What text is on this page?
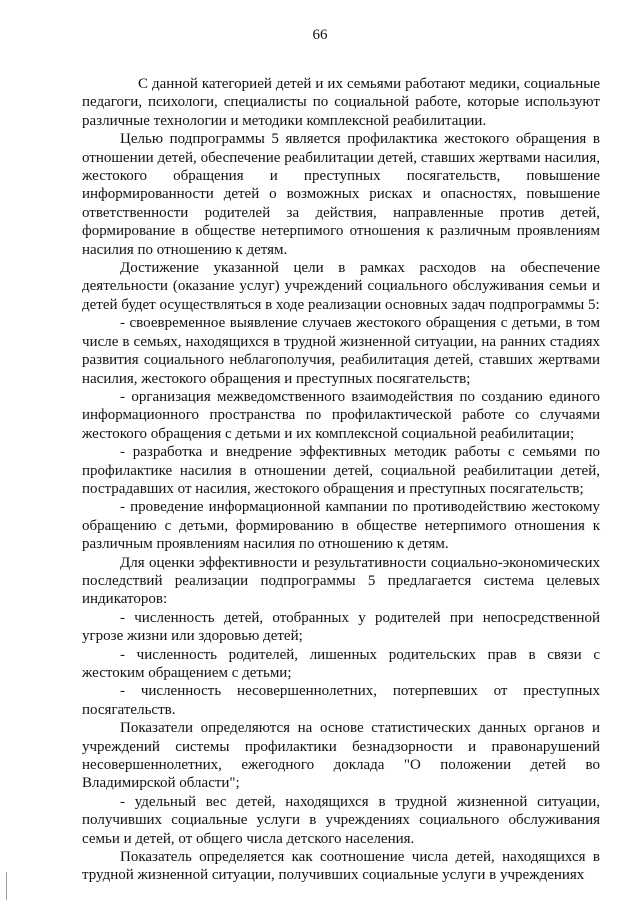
66

С данной категорией детей и их семьями работают медики, социальные педагоги, психологи, специалисты по социальной работе, которые используют различные технологии и методики комплексной реабилитации.

Целью подпрограммы 5 является профилактика жестокого обращения в отношении детей, обеспечение реабилитации детей, ставших жертвами насилия, жестокого обращения и преступных посягательств, повышение информированности детей о возможных рисках и опасностях, повышение ответственности родителей за действия, направленные против детей, формирование в обществе нетерпимого отношения к различным проявлениям насилия по отношению к детям.

Достижение указанной цели в рамках расходов на обеспечение деятельности (оказание услуг) учреждений социального обслуживания семьи и детей будет осуществляться в ходе реализации основных задач подпрограммы 5:

- своевременное выявление случаев жестокого обращения с детьми, в том числе в семьях, находящихся в трудной жизненной ситуации, на ранних стадиях развития социального неблагополучия, реабилитация детей, ставших жертвами насилия, жестокого обращения и преступных посягательств;

- организация межведомственного взаимодействия по созданию единого информационного пространства по профилактической работе со случаями жестокого обращения с детьми и их комплексной социальной реабилитации;

- разработка и внедрение эффективных методик работы с семьями по профилактике насилия в отношении детей, социальной реабилитации детей, пострадавших от насилия, жестокого обращения и преступных посягательств;

- проведение информационной кампании по противодействию жестокому обращению с детьми, формированию в обществе нетерпимого отношения к различным проявлениям насилия по отношению к детям.

Для оценки эффективности и результативности социально-экономических последствий реализации подпрограммы 5 предлагается система целевых индикаторов:

- численность детей, отобранных у родителей при непосредственной угрозе жизни или здоровью детей;

- численность родителей, лишенных родительских прав в связи с жестоким обращением с детьми;

- численность несовершеннолетних, потерпевших от преступных посягательств.

Показатели определяются на основе статистических данных органов и учреждений системы профилактики безнадзорности и правонарушений несовершеннолетних, ежегодного доклада "О положении детей во Владимирской области";

- удельный вес детей, находящихся в трудной жизненной ситуации, получивших социальные услуги в учреждениях социального обслуживания семьи и детей, от общего числа детского населения.

Показатель определяется как соотношение числа детей, находящихся в трудной жизненной ситуации, получивших социальные услуги в учреждениях
